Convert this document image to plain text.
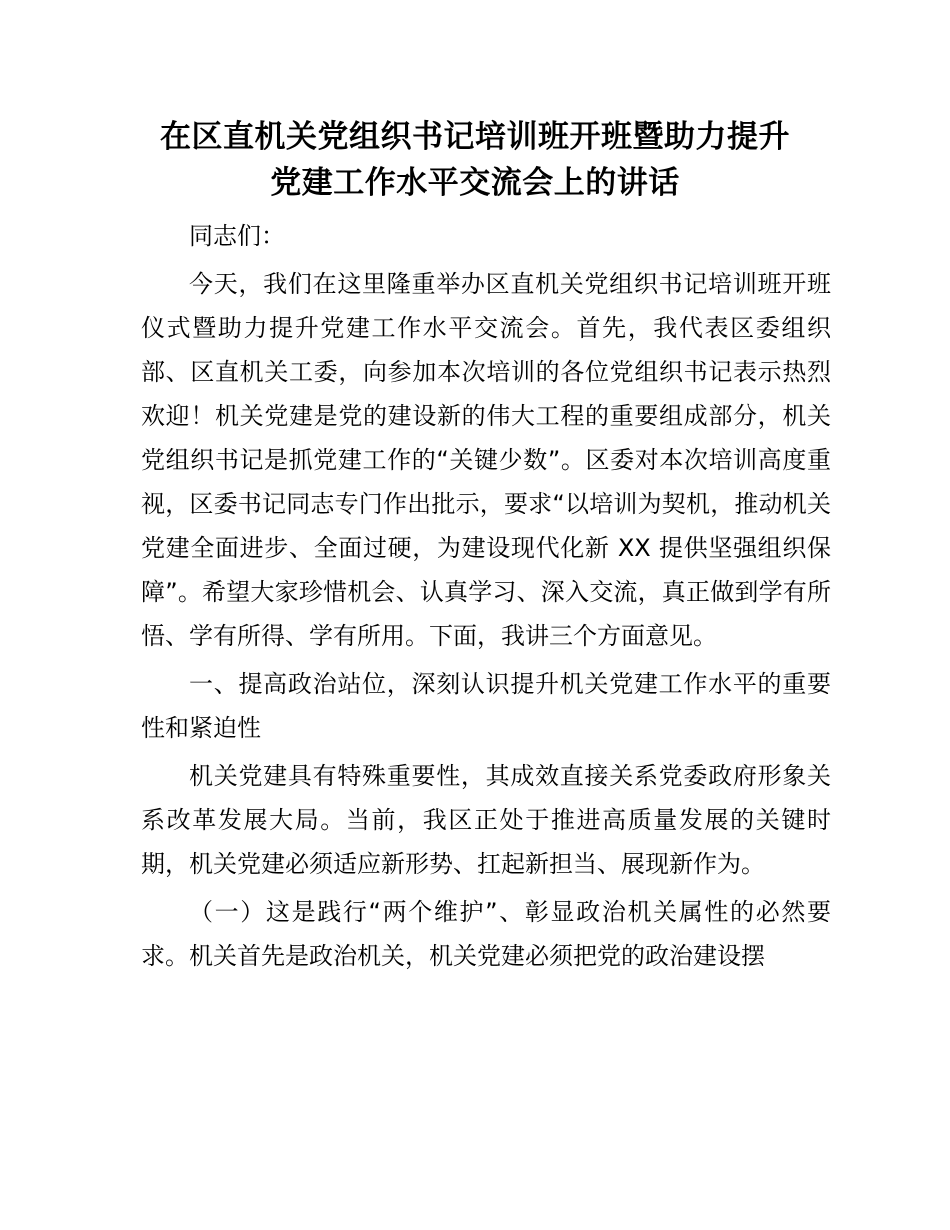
在区直机关党组织书记培训班开班暨助力提升
党建工作水平交流会上的讲话

同志们：

今天，我们在这里隆重举办区直机关党组织书记培训班开班仪式暨助力提升党建工作水平交流会。首先，我代表区委组织部、区直机关工委，向参加本次培训的各位党组织书记表示热烈欢迎！机关党建是党的建设新的伟大工程的重要组成部分，机关党组织书记是抓党建工作的“关键少数”。区委对本次培训高度重视，区委书记同志专门作出批示，要求“以培训为契机，推动机关党建全面进步、全面过硬，为建设现代化新 XX 提供坚强组织保障”。希望大家珍惜机会、认真学习、深入交流，真正做到学有所悟、学有所得、学有所用。下面，我讲三个方面意见。

一、提高政治站位，深刻认识提升机关党建工作水平的重要性和紧迫性

机关党建具有特殊重要性，其成效直接关系党委政府形象关系改革发展大局。当前，我区正处于推进高质量发展的关键时期，机关党建必须适应新形势、扛起新担当、展现新作为。

（一）这是践行“两个维护”、彰显政治机关属性的必然要求。机关首先是政治机关，机关党建必须把党的政治建设摆
